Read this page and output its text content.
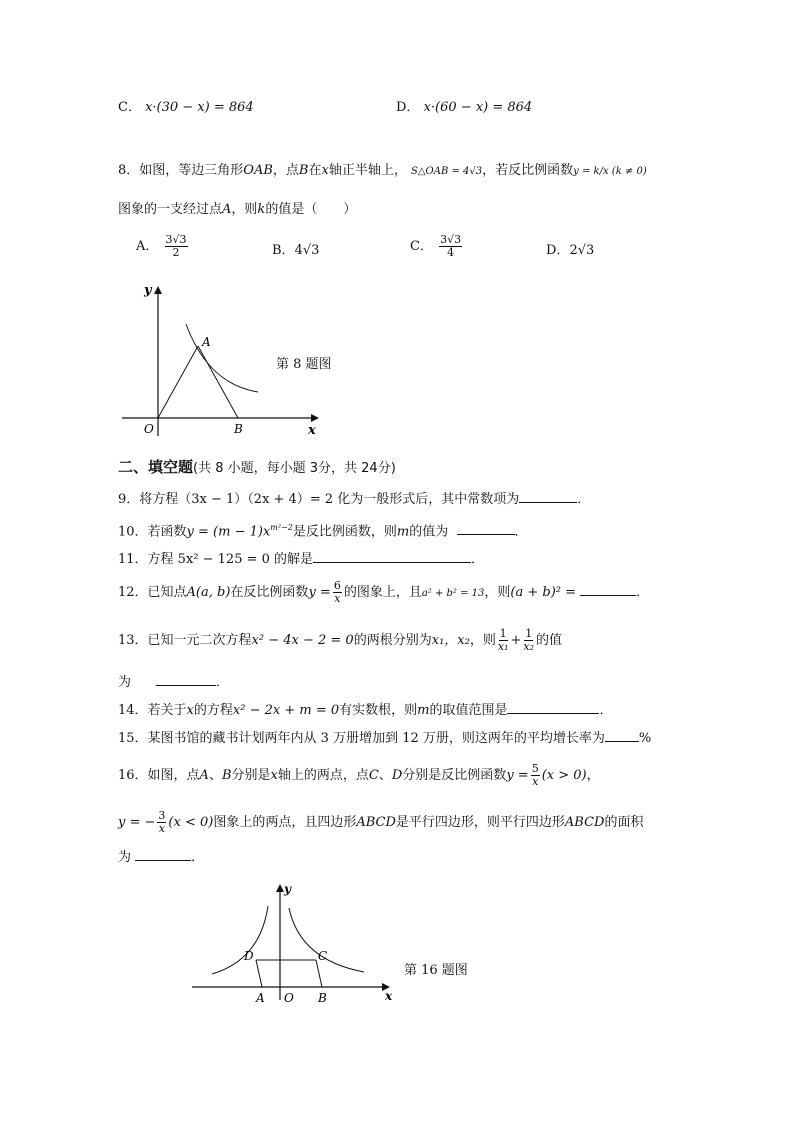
C． x·(30 − x) = 864	D． x·(60 − x) = 864
8．如图，等边三角形OAB，点B在x轴正半轴上， S△OAB = 4√3，若反比例函数y = k/x (k ≠ 0)
图象的一支经过点A，则k的值是（　　）
A． $\frac{3√3}{2}$	B．4√3	C． $\frac{3√3}{4}$	D．2√3
y
A
O	B	x
第 8 题图
二、填空题(共 8 小题，每小题 3分，共 24分)
9．将方程（3x − 1）（2x + 4）= 2 化为一般形式后，其中常数项为	．
10．若函数$y = (m - 1)x^{m^2-2}$是反比例函数，则m的值为	．
11．方程 5x² − 125 = 0 的解是	．
12．已知点A(a, b)在反比例函数$y = \frac{6}{x}$ 的图象上，且a² + b² = 13，则(a + b)² =	．
13．已知一元二次方程x² − 4x − 2 = 0的两根分别为x₁，x₂，则 $\frac{1}{\text{x₁}} + \frac{1}{\text{x₂}}$ 的值
为	．
14．若关于x的方程x² − 2x + m = 0有实数根，则m的取值范围是	．
15．某图书馆的藏书计划两年内从 3 万册增加到 12 万册，则这两年的平均增长率为	%
16．如图，点A、B分别是x轴上的两点，点C、D分别是反比例函数$y = \frac{5}{x} (x > 0)$，
y = − $\frac{3}{x} (x < 0)$图象上的两点，且四边形ABCD是平行四边形，则平行四边形ABCD的面积
为	．
y
D	C
A O B	x
第 16 题图
